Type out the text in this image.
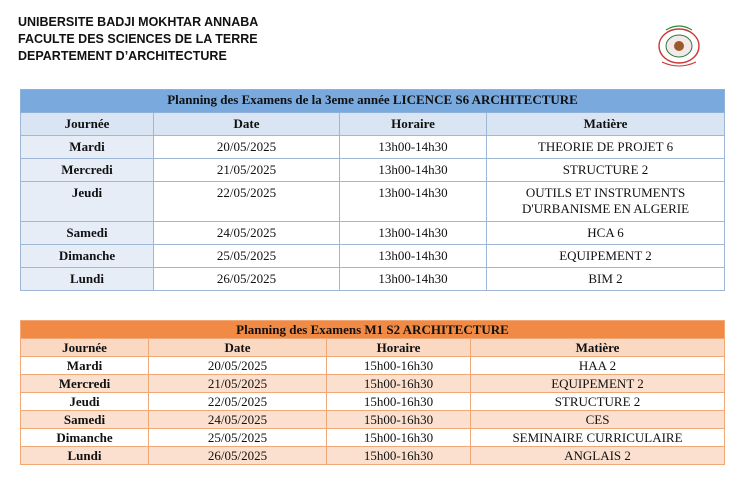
UNIBERSITE BADJI MOKHTAR ANNABA
FACULTE DES SCIENCES DE LA TERRE
DEPARTEMENT D’ARCHITECTURE
Planning des Examens de la 3eme année LICENCE S6 ARCHITECTURE			
Journée	Date	Horaire	Matière
Mardi	20/05/2025	13h00-14h30	THEORIE DE PROJET 6
Mercredi	21/05/2025	13h00-14h30	STRUCTURE 2
Jeudi	22/05/2025	13h00-14h30	OUTILS ET INSTRUMENTS D'URBANISME EN ALGERIE
Samedi	24/05/2025	13h00-14h30	HCA 6
Dimanche	25/05/2025	13h00-14h30	EQUIPEMENT 2
Lundi	26/05/2025	13h00-14h30	BIM 2
Planning des Examens M1 S2 ARCHITECTURE			
Journée	Date	Horaire	Matière
Mardi	20/05/2025	15h00-16h30	HAA 2
Mercredi	21/05/2025	15h00-16h30	EQUIPEMENT 2
Jeudi	22/05/2025	15h00-16h30	STRUCTURE 2
Samedi	24/05/2025	15h00-16h30	CES
Dimanche	25/05/2025	15h00-16h30	SEMINAIRE CURRICULAIRE
Lundi	26/05/2025	15h00-16h30	ANGLAIS 2
